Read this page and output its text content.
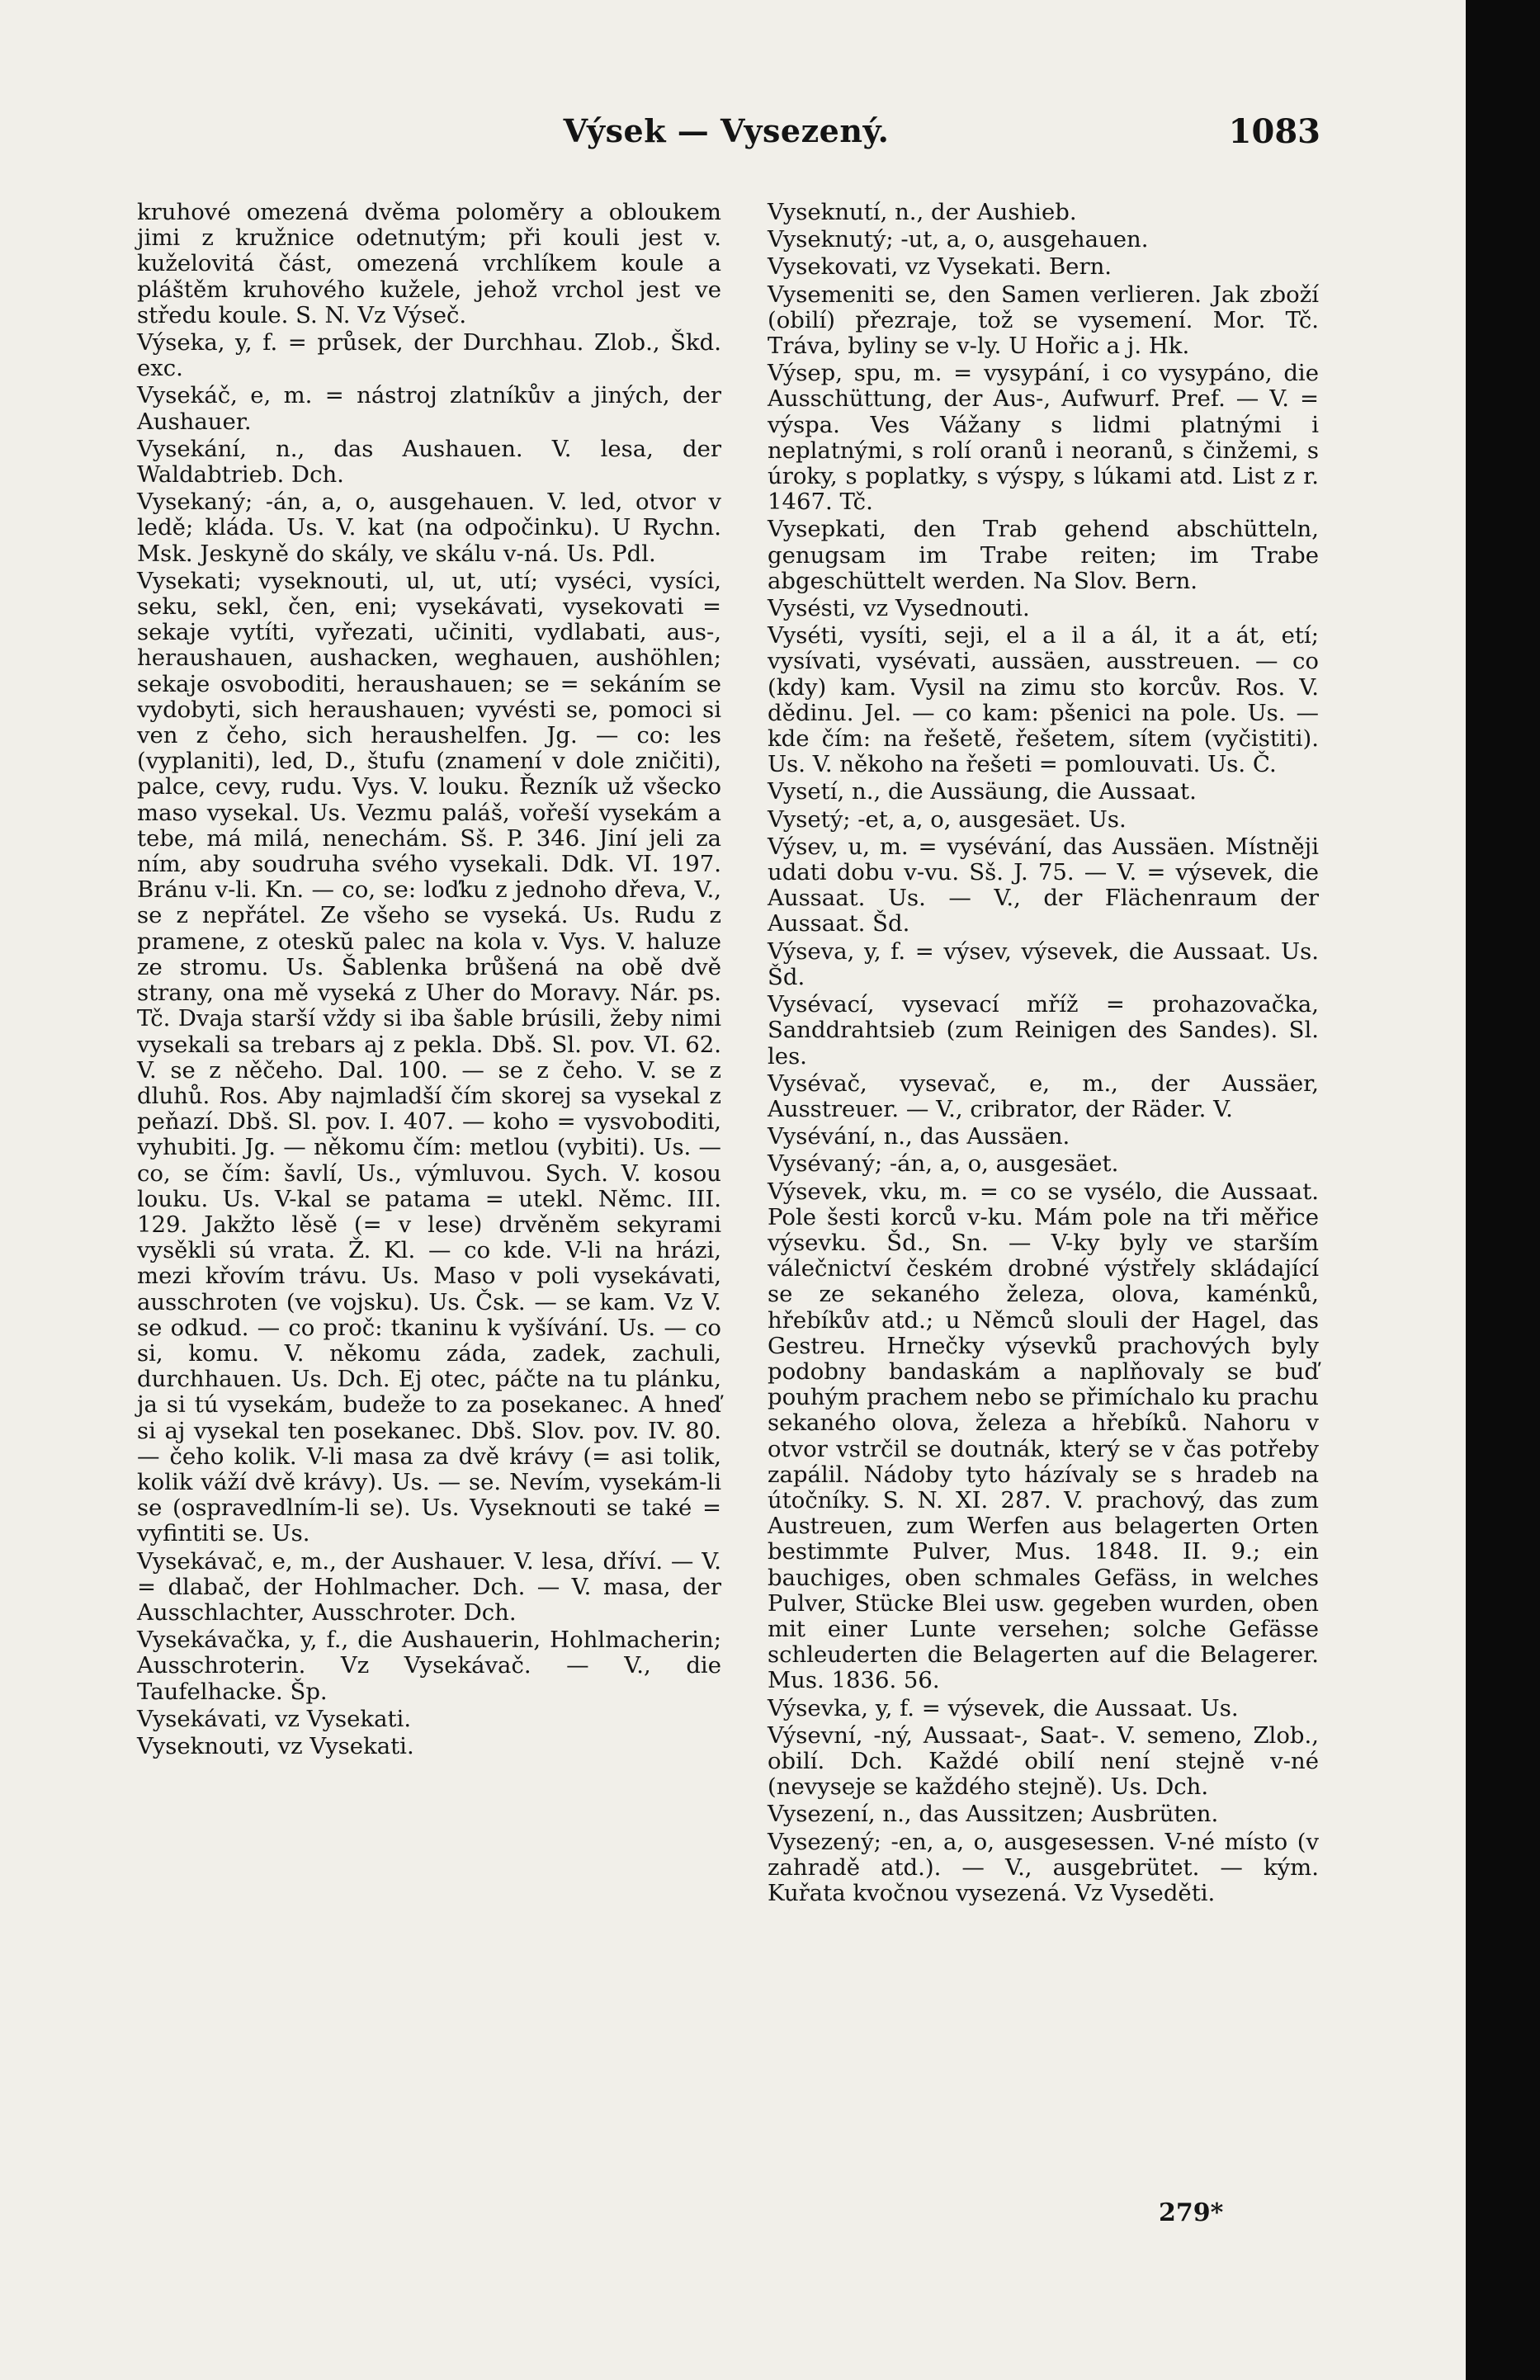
Výsek — Vysezený.	1083

kruhové omezená dvěma poloměry a obloukem jimi z kružnice odetnutým; při kouli jest v. kuželovitá část, omezená vrchlíkem koule a pláštěm kruhového kužele, jehož vrchol jest ve středu koule. S. N. Vz Výseč.

Výseka, y, f. = průsek, der Durchhau. Zlob., Škd. exc.

Vysekáč, e, m. = nástroj zlatníkův a jiných, der Aushauer.

Vysekání, n., das Aushauen. V. lesa, der Waldabtrieb. Dch.

Vysekaný; -án, a, o, ausgehauen. V. led, otvor v ledě; kláda. Us. V. kat (na odpočinku). U Rychn. Msk. Jeskyně do skály, ve skálu v-ná. Us. Pdl.

Vysekati; vyseknouti, ul, ut, utí; vyséci, vysíci, seku, sekl, čen, eni; vysekávati, vysekovati = sekaje vytíti, vyřezati, učiniti, vydlabati, aus-, heraushauen, aushacken, weghauen, aushöhlen; sekaje osvoboditi, heraushauen; se = sekáním se vydobyti, sich heraushauen; vyvésti se, pomoci si ven z čeho, sich heraushelfen. Jg. — co: les (vyplaniti), led, D., štufu (znamení v dole zničiti), palce, cevy, rudu. Vys. V. louku. Řezník už všecko maso vysekal. Us. Vezmu paláš, vořeší vysekám a tebe, má milá, nenechám. Sš. P. 346. Jiní jeli za ním, aby soudruha svého vysekali. Ddk. VI. 197. Bránu v-li. Kn. — co, se: loďku z jednoho dřeva, V., se z nepřátel. Ze všeho se vyseká. Us. Rudu z pramene, z oteskŭ palec na kola v. Vys. V. haluze ze stromu. Us. Šablenka brůšená na obě dvě strany, ona mě vyseká z Uher do Moravy. Nár. ps. Tč. Dvaja starší vždy si iba šable brúsili, žeby nimi vysekali sa trebars aj z pekla. Dbš. Sl. pov. VI. 62. V. se z něčeho. Dal. 100. — se z čeho. V. se z dluhů. Ros. Aby najmladší čím skorej sa vysekal z peňazí. Dbš. Sl. pov. I. 407. — koho = vysvoboditi, vyhubiti. Jg. — někomu čím: metlou (vybiti). Us. — co, se čím: šavlí, Us., výmluvou. Sych. V. kosou louku. Us. V-kal se patama = utekl. Němc. III. 129. Jakžto lěsě (= v lese) drvěněm sekyrami vysěkli sú vrata. Ž. Kl. — co kde. V-li na hrázi, mezi křovím trávu. Us. Maso v poli vysekávati, ausschroten (ve vojsku). Us. Čsk. — se kam. Vz V. se odkud. — co proč: tkaninu k vyšívání. Us. — co si, komu. V. někomu záda, zadek, zachuli, durchhauen. Us. Dch. Ej otec, páčte na tu plánku, ja si tú vysekám, budeže to za posekanec. A hneď si aj vysekal ten posekanec. Dbš. Slov. pov. IV. 80. — čeho kolik. V-li masa za dvě krávy (= asi tolik, kolik váží dvě krávy). Us. — se. Nevím, vysekám-li se (ospravedlním-li se). Us. Vyseknouti se také = vyfintiti se. Us.

Vysekávač, e, m., der Aushauer. V. lesa, dříví. — V. = dlabač, der Hohlmacher. Dch. — V. masa, der Ausschlachter, Ausschroter. Dch.

Vysekávačka, y, f., die Aushauerin, Hohlmacherin; Ausschroterin. Vz Vysekávač. — V., die Taufelhacke. Šp.

Vysekávati, vz Vysekati.

Vyseknouti, vz Vysekati.

Vyseknutí, n., der Aushieb.

Vyseknutý; -ut, a, o, ausgehauen.

Vysekovati, vz Vysekati. Bern.

Vysemeniti se, den Samen verlieren. Jak zboží (obilí) přezraje, tož se vysemení. Mor. Tč. Tráva, byliny se v-ly. U Hořic a j. Hk.

Výsep, spu, m. = vysypání, i co vysypáno, die Ausschüttung, der Aus-, Aufwurf. Pref. — V. = výspa. Ves Vážany s lidmi platnými i neplatnými, s rolí oranů i neoranů, s činžemi, s úroky, s poplatky, s výspy, s lúkami atd. List z r. 1467. Tč.

Vysepkati, den Trab gehend abschütteln, genugsam im Trabe reiten; im Trabe abgeschüttelt werden. Na Slov. Bern.

Vysésti, vz Vysednouti.

Vyséti, vysíti, seji, el a il a ál, it a át, etí; vysívati, vysévati, aussäen, ausstreuen. — co (kdy) kam. Vysil na zimu sto korcův. Ros. V. dědinu. Jel. — co kam: pšenici na pole. Us. — kde čím: na řešetě, řešetem, sítem (vyčistiti). Us. V. někoho na řešeti = pomlouvati. Us. Č.

Vysetí, n., die Aussäung, die Aussaat.

Vysetý; -et, a, o, ausgesäet. Us.

Výsev, u, m. = vysévání, das Aussäen. Místněji udati dobu v-vu. Sš. J. 75. — V. = výsevek, die Aussaat. Us. — V., der Flächenraum der Aussaat. Šd.

Výseva, y, f. = výsev, výsevek, die Aussaat. Us. Šd.

Vysévací, vysevací mříž = prohazovačka, Sanddrahtsieb (zum Reinigen des Sandes). Sl. les.

Vysévač, vysevač, e, m., der Aussäer, Ausstreuer. — V., cribrator, der Räder. V.

Vysévání, n., das Aussäen.

Vysévaný; -án, a, o, ausgesäet.

Výsevek, vku, m. = co se vysélo, die Aussaat. Pole šesti korců v-ku. Mám pole na tři měřice výsevku. Šd., Sn. — V-ky byly ve starším válečnictví českém drobné výstřely skládající se ze sekaného železa, olova, kaménků, hřebíkův atd.; u Němců slouli der Hagel, das Gestreu. Hrnečky výsevků prachových byly podobny bandaskám a naplňovaly se buď pouhým prachem nebo se přimíchalo ku prachu sekaného olova, železa a hřebíků. Nahoru v otvor vstrčil se doutnák, který se v čas potřeby zapálil. Nádoby tyto házívaly se s hradeb na útočníky. S. N. XI. 287. V. prachový, das zum Austreuen, zum Werfen aus belagerten Orten bestimmte Pulver, Mus. 1848. II. 9.; ein bauchiges, oben schmales Gefäss, in welches Pulver, Stücke Blei usw. gegeben wurden, oben mit einer Lunte versehen; solche Gefässe schleuderten die Belagerten auf die Belagerer. Mus. 1836. 56.

Výsevka, y, f. = výsevek, die Aussaat. Us.

Výsevní, -ný, Aussaat-, Saat-. V. semeno, Zlob., obilí. Dch. Každé obilí není stejně v-né (nevyseje se každého stejně). Us. Dch.

Vysezení, n., das Aussitzen; Ausbrüten.

Vysezený; -en, a, o, ausgesessen. V-né místo (v zahradě atd.). — V., ausgebrütet. — kým. Kuřata kvočnou vysezená. Vz Vyseděti.

279*
